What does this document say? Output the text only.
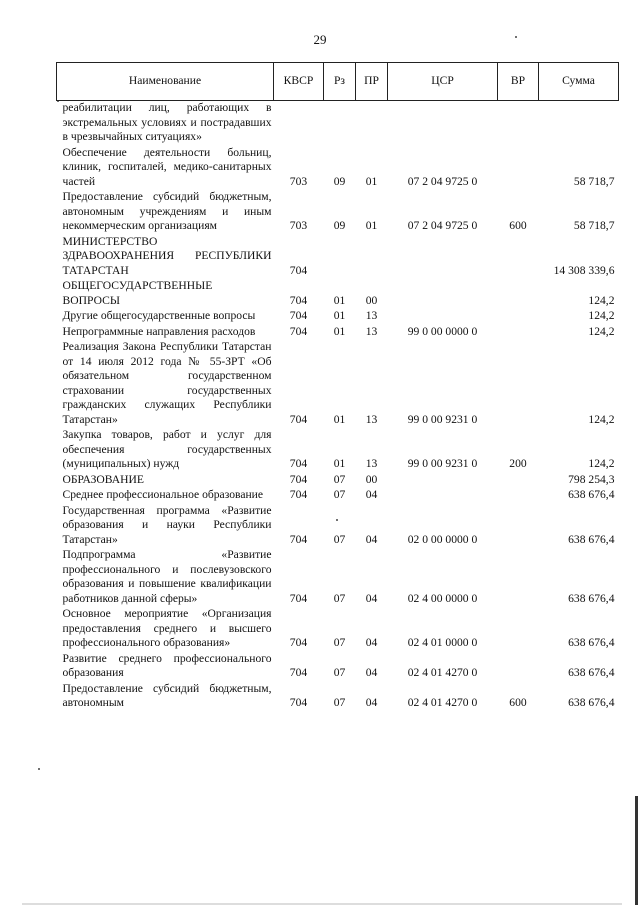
29
Наименование	КВСР	Рз	ПР	ЦСР	ВР	Сумма
реабилитации лиц, работающих в экстремальных условиях и пострадавших в чрезвычайных ситуациях»						
Обеспечение деятельности больниц, клиник, госпиталей, медико-санитарных частей	703	09	01	07 2 04 9725 0		58 718,7
Предоставление субсидий бюджетным, автономным учреждениям и иным некоммерческим организациям	703	09	01	07 2 04 9725 0	600	58 718,7
МИНИСТЕРСТВО ЗДРАВООХРАНЕНИЯ РЕСПУБЛИКИ ТАТАРСТАН	704					14 308 339,6
ОБЩЕГОСУДАРСТВЕННЫЕ ВОПРОСЫ	704	01	00			124,2
Другие общегосударственные вопросы	704	01	13			124,2
Непрограммные направления расходов	704	01	13	99 0 00 0000 0		124,2
Реализация Закона Республики Татарстан от 14 июля 2012 года № 55-ЗРТ «Об обязательном государственном страховании государственных гражданских служащих Республики Татарстан»	704	01	13	99 0 00 9231 0		124,2
Закупка товаров, работ и услуг для обеспечения государственных (муниципальных) нужд	704	01	13	99 0 00 9231 0	200	124,2
ОБРАЗОВАНИЕ	704	07	00			798 254,3
Среднее профессиональное образование	704	07	04			638 676,4
Государственная программа «Развитие образования и науки Республики Татарстан»	704	07	04	02 0 00 0000 0		638 676,4
Подпрограмма «Развитие профессионального и послевузовского образования и повышение квалификации работников данной сферы»	704	07	04	02 4 00 0000 0		638 676,4
Основное мероприятие «Организация предоставления среднего и высшего профессионального образования»	704	07	04	02 4 01 0000 0		638 676,4
Развитие среднего профессионального образования	704	07	04	02 4 01 4270 0		638 676,4
Предоставление субсидий бюджетным, автономным	704	07	04	02 4 01 4270 0	600	638 676,4
